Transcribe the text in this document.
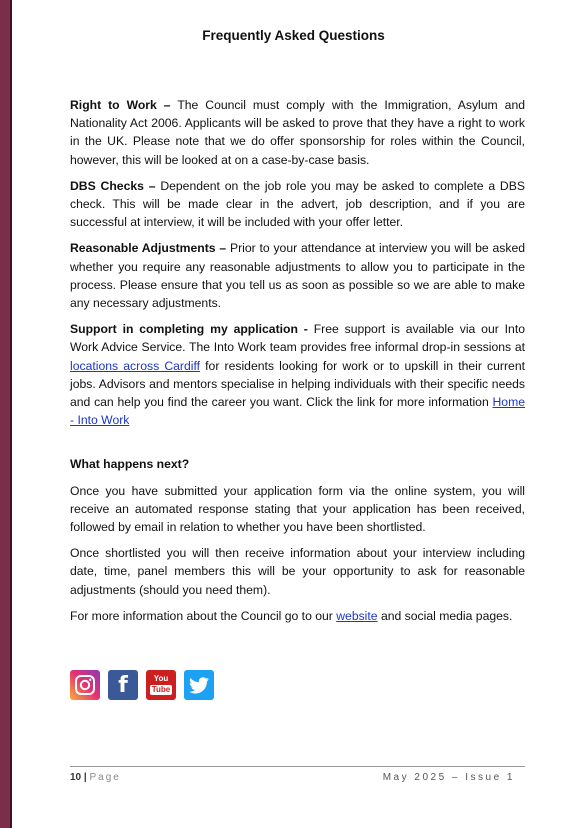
Frequently Asked Questions

Right to Work – The Council must comply with the Immigration, Asylum and Nationality Act 2006. Applicants will be asked to prove that they have a right to work in the UK. Please note that we do offer sponsorship for roles within the Council, however, this will be looked at on a case-by-case basis.

DBS Checks – Dependent on the job role you may be asked to complete a DBS check. This will be made clear in the advert, job description, and if you are successful at interview, it will be included with your offer letter.

Reasonable Adjustments – Prior to your attendance at interview you will be asked whether you require any reasonable adjustments to allow you to participate in the process. Please ensure that you tell us as soon as possible so we are able to make any necessary adjustments.

Support in completing my application - Free support is available via our Into Work Advice Service. The Into Work team provides free informal drop-in sessions at locations across Cardiff for residents looking for work or to upskill in their current jobs. Advisors and mentors specialise in helping individuals with their specific needs and can help you find the career you want. Click the link for more information Home - Into Work

What happens next?

Once you have submitted your application form via the online system, you will receive an automated response stating that your application has been received, followed by email in relation to whether you have been shortlisted.

Once shortlisted you will then receive information about your interview including date, time, panel members this will be your opportunity to ask for reasonable adjustments (should you need them).

For more information about the Council go to our website and social media pages.

f	You
Tube
10 | Page	May 2025 – Issue 1
